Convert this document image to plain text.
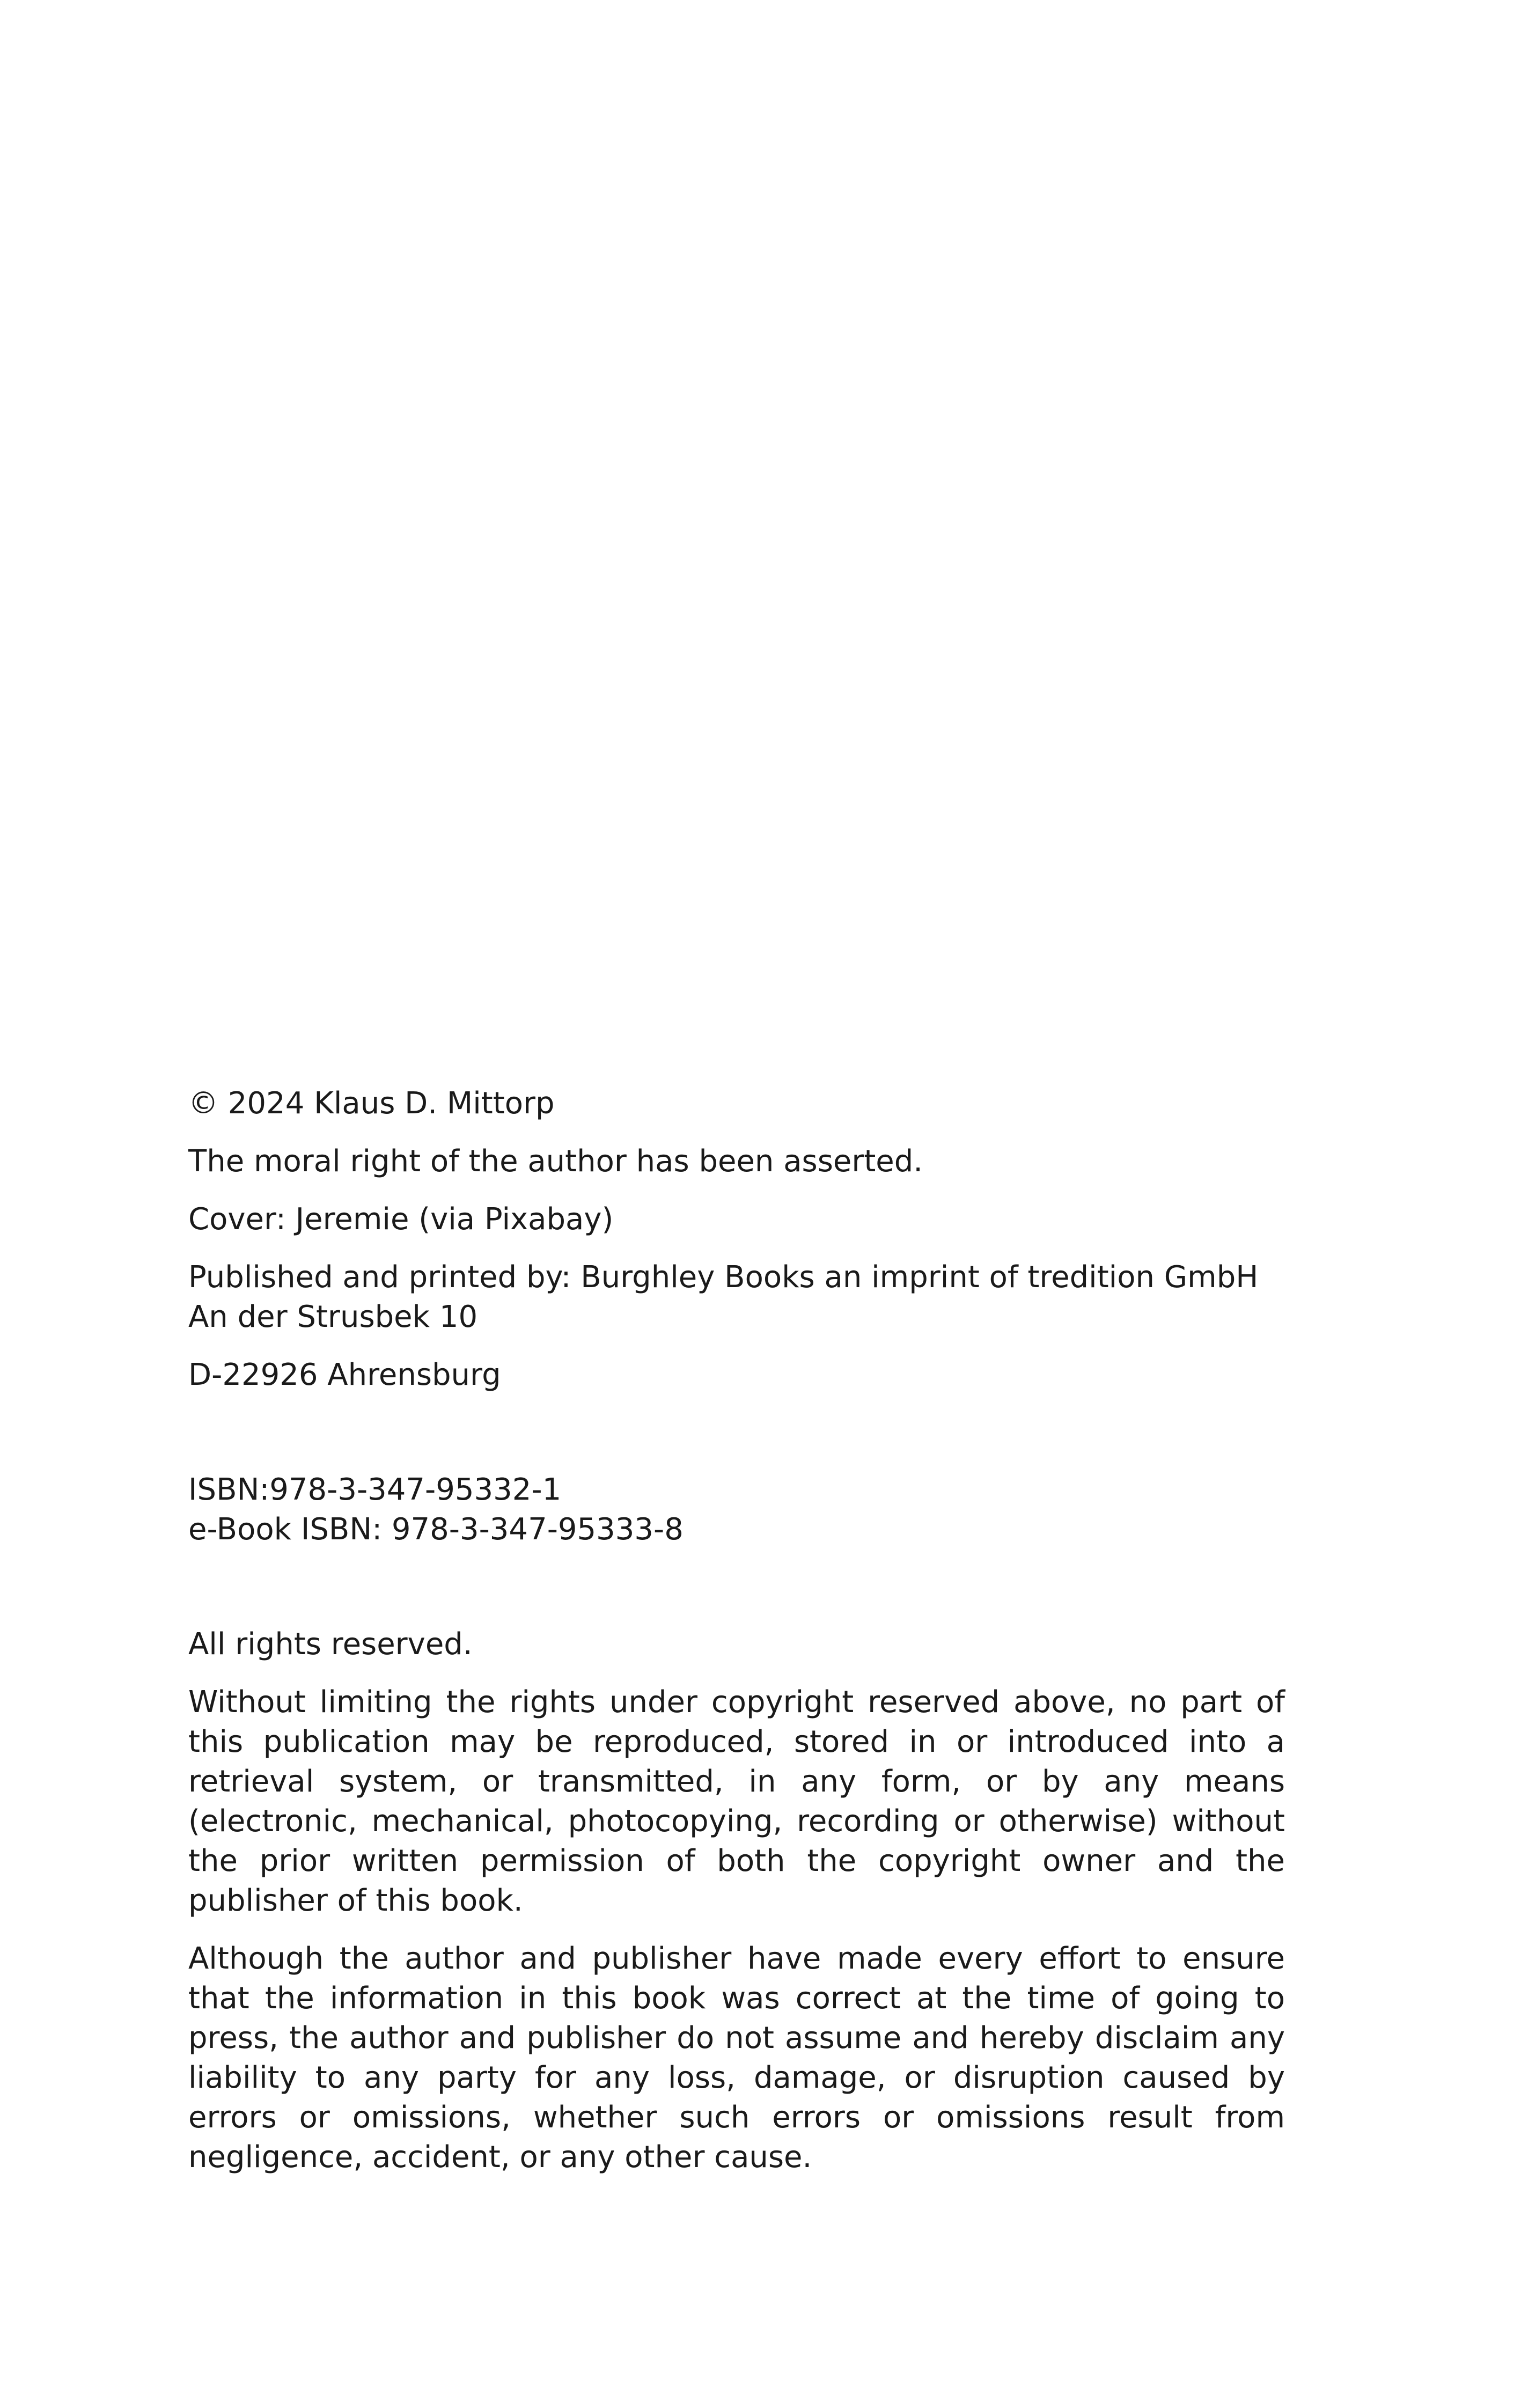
© 2024 Klaus D. Mittorp

The moral right of the author has been asserted.

Cover: Jeremie (via Pixabay)

Published and printed by: Burghley Books an imprint of tredition GmbH

An der Strusbek 10

D-22926 Ahrensburg

ISBN:978-3-347-95332-1

e-Book ISBN: 978-3-347-95333-8

All rights reserved.

Without limiting the rights under copyright reserved above, no part of this publication may be reproduced, stored in or introduced into a retrieval system, or transmitted, in any form, or by any means (electronic, mechanical, photocopying, recording or otherwise) without the prior written permission of both the copyright owner and the publisher of this book.

Although the author and publisher have made every effort to ensure that the information in this book was correct at the time of going to press, the author and publisher do not assume and hereby disclaim any liability to any party for any loss, damage, or disruption caused by errors or omissions, whether such errors or omissions result from negligence, accident, or any other cause.
